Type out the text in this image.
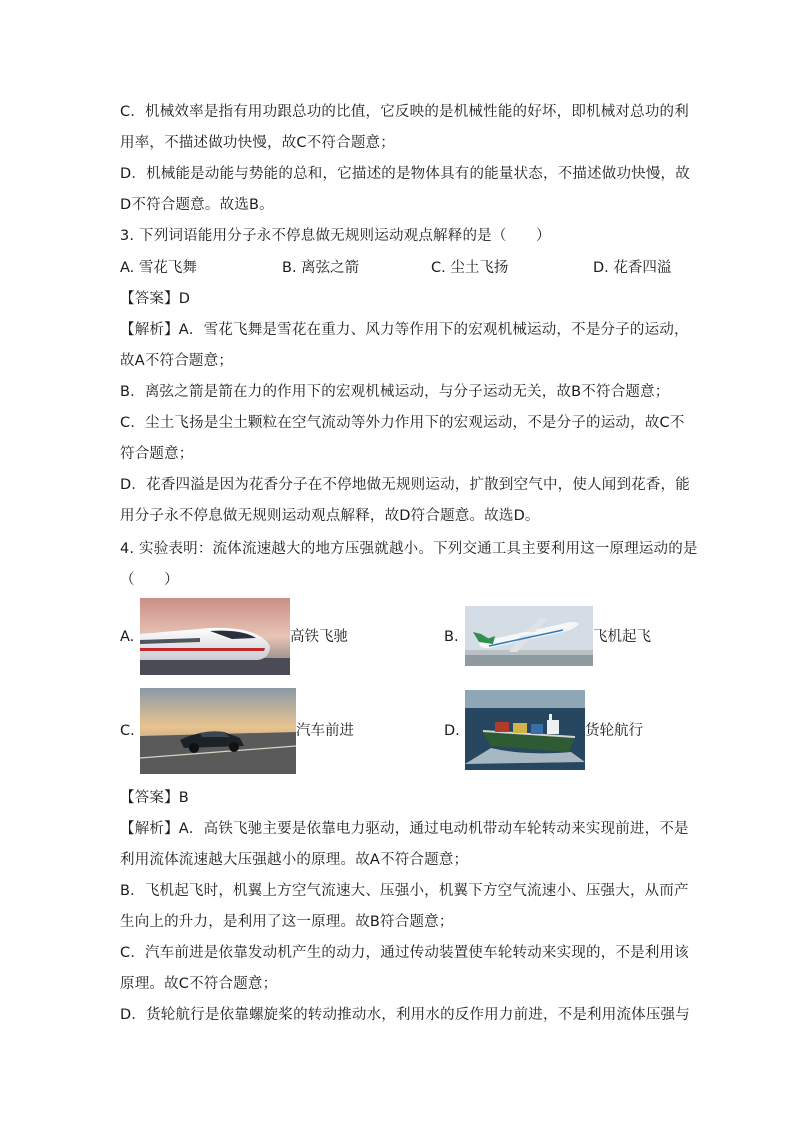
C．机械效率是指有用功跟总功的比值，它反映的是机械性能的好坏，即机械对总功的利
用率，不描述做功快慢，故C不符合题意；
D．机械能是动能与势能的总和，它描述的是物体具有的能量状态，不描述做功快慢，故
D不符合题意。故选B。
3. 下列词语能用分子永不停息做无规则运动观点解释的是（　　）
A. 雪花飞舞	B. 离弦之箭	C. 尘土飞扬	D. 花香四溢
【答案】D
【解析】A．雪花飞舞是雪花在重力、风力等作用下的宏观机械运动，不是分子的运动，
故A不符合题意；
B．离弦之箭是箭在力的作用下的宏观机械运动，与分子运动无关，故B不符合题意；
C．尘土飞扬是尘土颗粒在空气流动等外力作用下的宏观运动，不是分子的运动，故C不
符合题意；
D．花香四溢是因为花香分子在不停地做无规则运动，扩散到空气中，使人闻到花香，能
用分子永不停息做无规则运动观点解释，故D符合题意。故选D。
4. 实验表明：流体流速越大的地方压强就越小。下列交通工具主要利用这一原理运动的是
（　　）
A.	高铁飞驰	B.	飞机起飞
C.	汽车前进	D.	货轮航行
【答案】B
【解析】A．高铁飞驰主要是依靠电力驱动，通过电动机带动车轮转动来实现前进，不是
利用流体流速越大压强越小的原理。故A不符合题意；
B．飞机起飞时，机翼上方空气流速大、压强小，机翼下方空气流速小、压强大，从而产
生向上的升力，是利用了这一原理。故B符合题意；
C．汽车前进是依靠发动机产生的动力，通过传动装置使车轮转动来实现的，不是利用该
原理。故C不符合题意；
D．货轮航行是依靠螺旋桨的转动推动水，利用水的反作用力前进，不是利用流体压强与
